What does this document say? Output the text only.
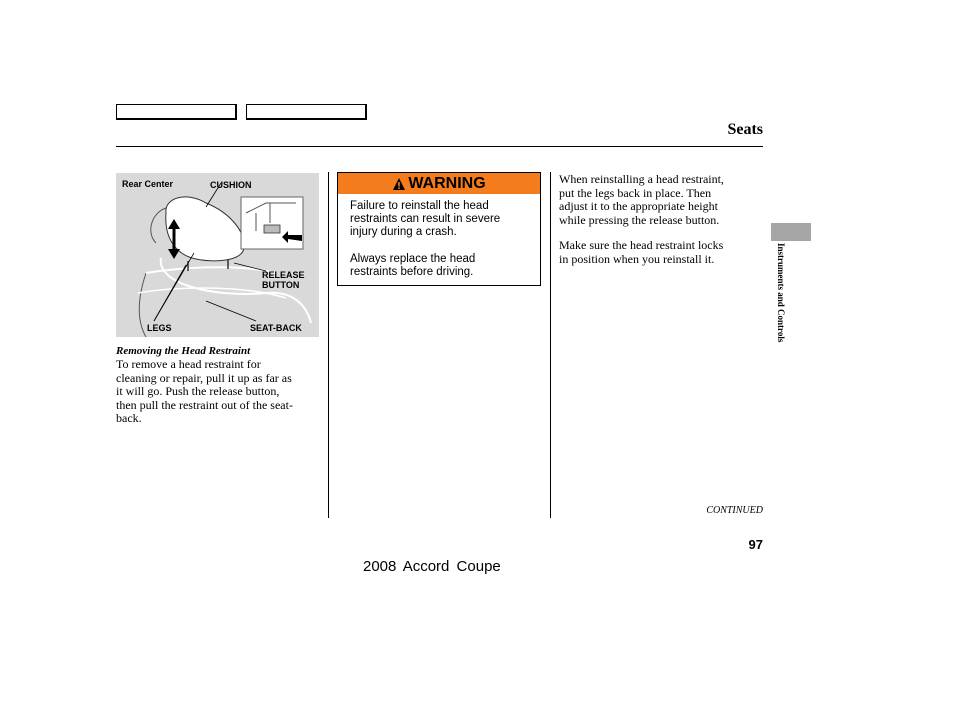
Seats
Rear Center	CUSHION
RELEASE
BUTTON
LEGS	SEAT-BACK
Removing the Head Restraint
To remove a head restraint for
cleaning or repair, pull it up as far as
it will go. Push the release button,
then pull the restraint out of the seat-
back.
WARNING
Failure to reinstall the head
restraints can result in severe
injury during a crash.
Always replace the head
restraints before driving.
When reinstalling a head restraint,
put the legs back in place. Then
adjust it to the appropriate height
while pressing the release button.
Make sure the head restraint locks
in position when you reinstall it.	Instruments and Controls
CONTINUED
97
2008 Accord Coupe
